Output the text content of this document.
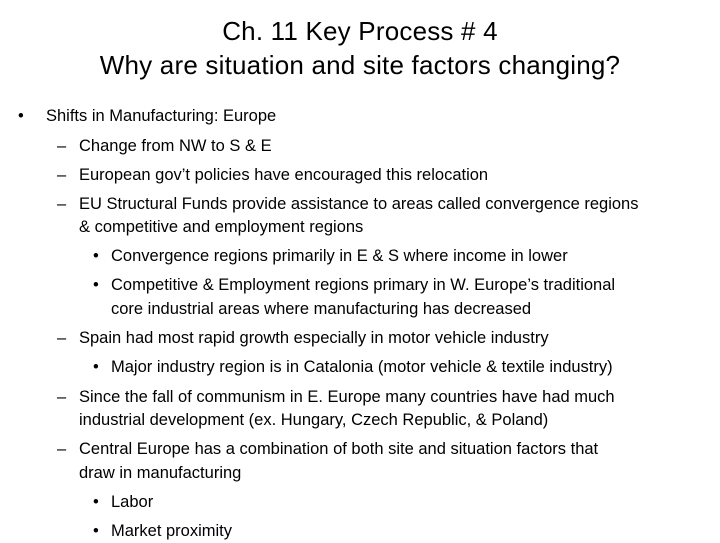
Ch. 11 Key Process # 4
Why are situation and site factors changing?
• Shifts in Manufacturing: Europe
– Change from NW to S & E
– European gov’t policies have encouraged this relocation
– EU Structural Funds provide assistance to areas called convergence regions
& competitive and employment regions
• Convergence regions primarily in E & S where income in lower
• Competitive & Employment regions primary in W. Europe’s traditional
core industrial areas where manufacturing has decreased
– Spain had most rapid growth especially in motor vehicle industry
• Major industry region is in Catalonia (motor vehicle & textile industry)
– Since the fall of communism in E. Europe many countries have had much
industrial development (ex. Hungary, Czech Republic, & Poland)
– Central Europe has a combination of both site and situation factors that
draw in manufacturing
• Labor
• Market proximity
